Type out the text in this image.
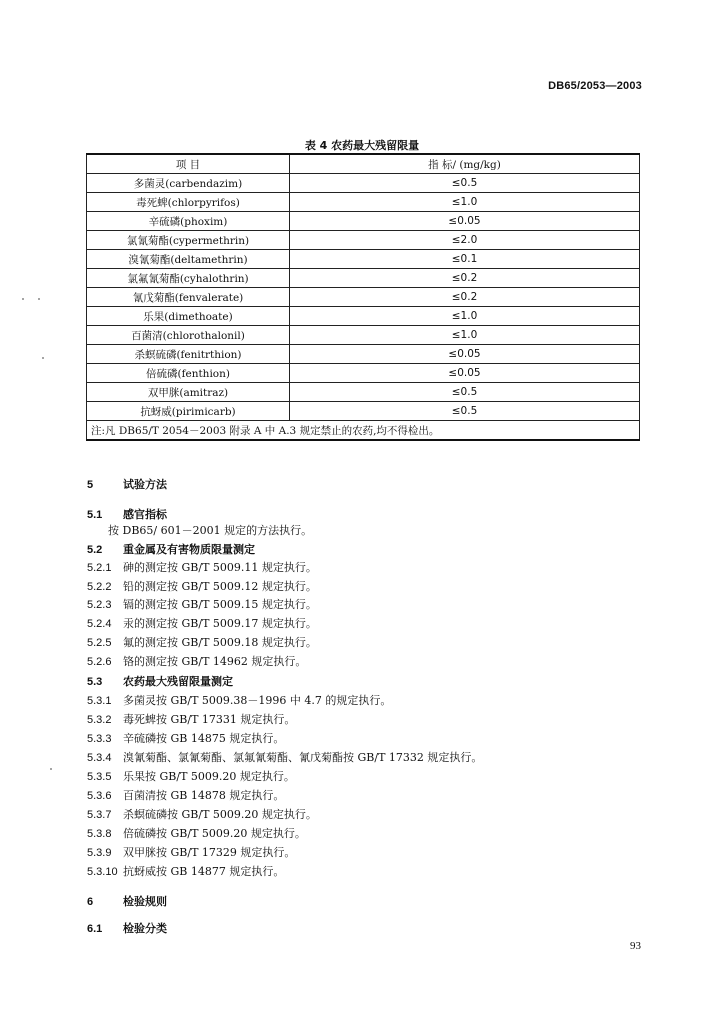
DB65/2053—2003
表 4 农药最大残留限量
项 目	指 标/ (mg/kg)
多菌灵(carbendazim)	≤0.5
毒死蜱(chlorpyrifos)	≤1.0
辛硫磷(phoxim)	≤0.05
氯氰菊酯(cypermethrin)	≤2.0
溴氰菊酯(deltamethrin)	≤0.1
氯氟氰菊酯(cyhalothrin)	≤0.2
氰戊菊酯(fenvalerate)	≤0.2
乐果(dimethoate)	≤1.0
百菌清(chlorothalonil)	≤1.0
杀螟硫磷(fenitrthion)	≤0.05
倍硫磷(fenthion)	≤0.05
双甲脒(amitraz)	≤0.5
抗蚜威(pirimicarb)	≤0.5
注:凡 DB65/T 2054－2003 附录 A 中 A.3 规定禁止的农药,均不得检出。	
5	试验方法
5.1 感官指标
按 DB65/ 601－2001 规定的方法执行。
5.2 重金属及有害物质限量测定
5.2.1 砷的测定按 GB/T 5009.11 规定执行。
5.2.2 铅的测定按 GB/T 5009.12 规定执行。
5.2.3 镉的测定按 GB/T 5009.15 规定执行。
5.2.4 汞的测定按 GB/T 5009.17 规定执行。
5.2.5 氟的测定按 GB/T 5009.18 规定执行。
5.2.6 铬的测定按 GB/T 14962 规定执行。
5.3 农药最大残留限量测定
5.3.1 多菌灵按 GB/T 5009.38－1996 中 4.7 的规定执行。
5.3.2 毒死蜱按 GB/T 17331 规定执行。
5.3.3 辛硫磷按 GB 14875 规定执行。
5.3.4 溴氰菊酯、氯氰菊酯、氯氟氰菊酯、氰戊菊酯按 GB/T 17332 规定执行。
5.3.5 乐果按 GB/T 5009.20 规定执行。
5.3.6 百菌清按 GB 14878 规定执行。
5.3.7 杀螟硫磷按 GB/T 5009.20 规定执行。
5.3.8 倍硫磷按 GB/T 5009.20 规定执行。
5.3.9 双甲脒按 GB/T 17329 规定执行。
5.3.10 抗蚜威按 GB 14877 规定执行。
6	检验规则
6.1 检验分类
93
